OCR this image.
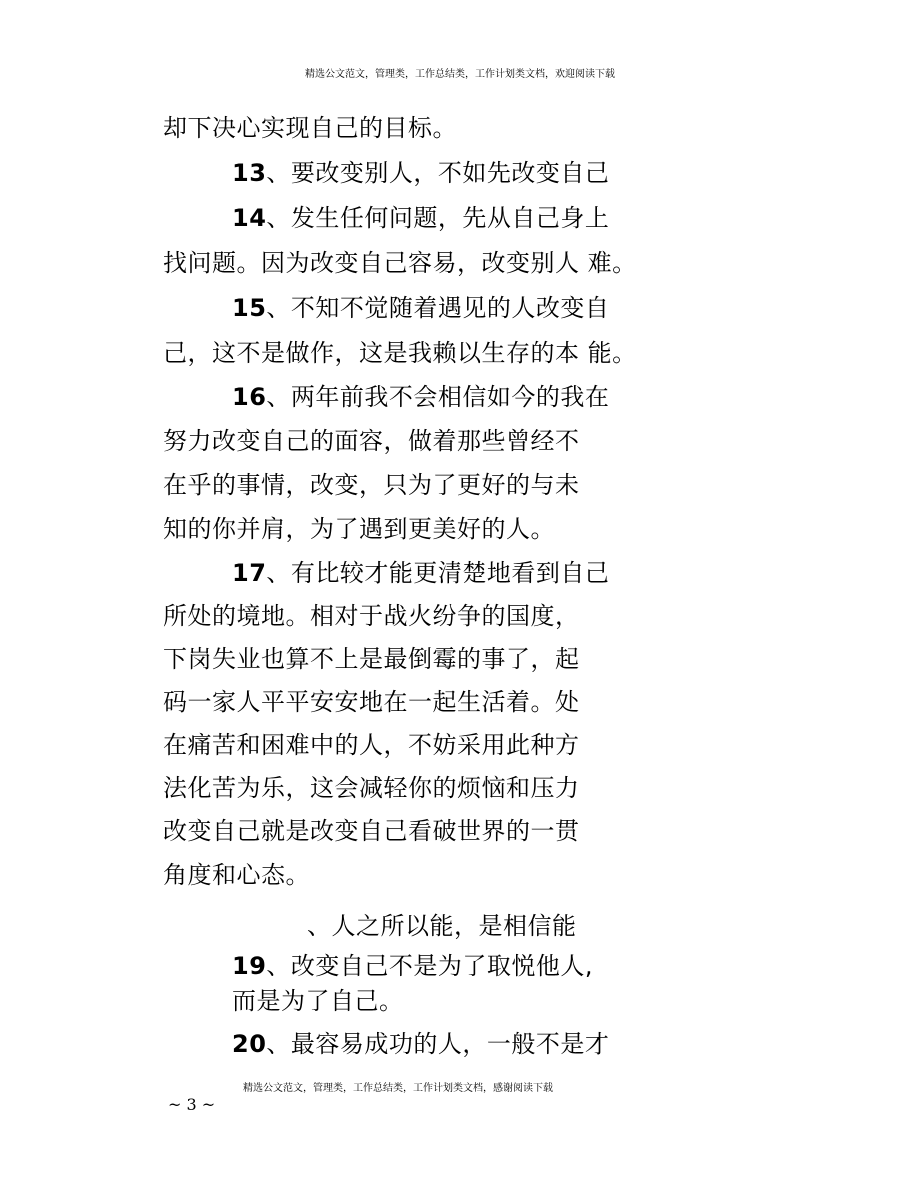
精选公文范文，管理类，工作总结类，工作计划类文档，欢迎阅读下载
却下决心实现自己的目标。
13、要改变别人，不如先改变自己
14、发生任何问题，先从自己身上
找问题。因为改变自己容易，改变别人 难。
15、不知不觉随着遇见的人改变自
己，这不是做作，这是我赖以生存的本 能。
16、两年前我不会相信如今的我在
努力改变自己的面容，做着那些曾经不
在乎的事情，改变，只为了更好的与未
知的你并肩，为了遇到更美好的人。
17、有比较才能更清楚地看到自己
所处的境地。相对于战火纷争的国度，
下岗失业也算不上是最倒霉的事了，起
码一家人平平安安地在一起生活着。处
在痛苦和困难中的人，不妨采用此种方
法化苦为乐，这会减轻你的烦恼和压力
改变自己就是改变自己看破世界的一贯
角度和心态。
、人之所以能，是相信能
19、改变自己不是为了取悦他人,
而是为了自己。
20、最容易成功的人，一般不是才
精选公文范文，管理类，工作总结类，工作计划类文档，感谢阅读下载
~ 3 ~
